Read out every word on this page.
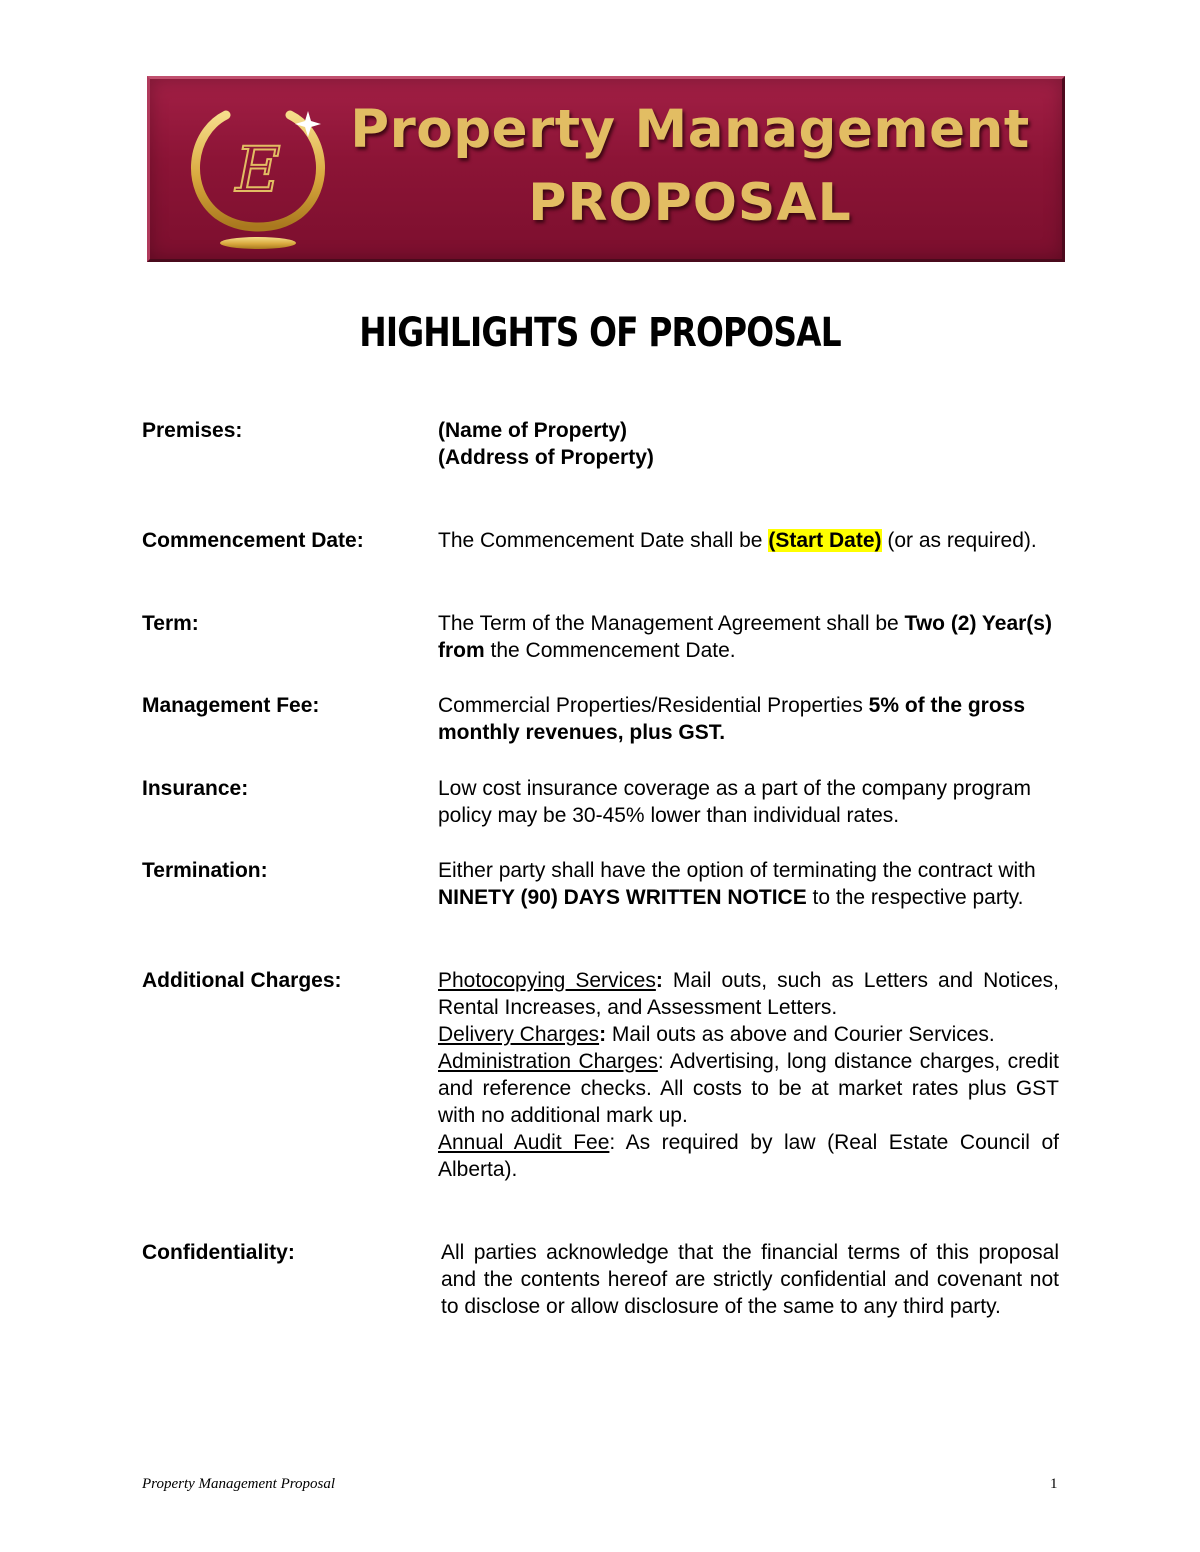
E
Property Management
PROPOSAL
HIGHLIGHTS OF PROPOSAL
Premises:	(Name of Property)
(Address of Property)
Commencement Date:	The Commencement Date shall be (Start Date) (or as required).
Term:	The Term of the Management Agreement shall be Two (2) Year(s) from the Commencement Date.
Management Fee:	Commercial Properties/Residential Properties 5% of the gross monthly revenues, plus GST.
Insurance:	Low cost insurance coverage as a part of the company program policy may be 30-45% lower than individual rates.
Termination:	Either party shall have the option of terminating the contract with NINETY (90) DAYS WRITTEN NOTICE to the respective party.
Additional Charges:	Photocopying Services: Mail outs, such as Letters and Notices, Rental Increases, and Assessment Letters.
Delivery Charges: Mail outs as above and Courier Services.
Administration Charges: Advertising, long distance charges, credit and reference checks. All costs to be at market rates plus GST with no additional mark up.
Annual Audit Fee: As required by law (Real Estate Council of Alberta).
Confidentiality:	All parties acknowledge that the financial terms of this proposal and the contents hereof are strictly confidential and covenant not to disclose or allow disclosure of the same to any third party.
Property Management Proposal	1
